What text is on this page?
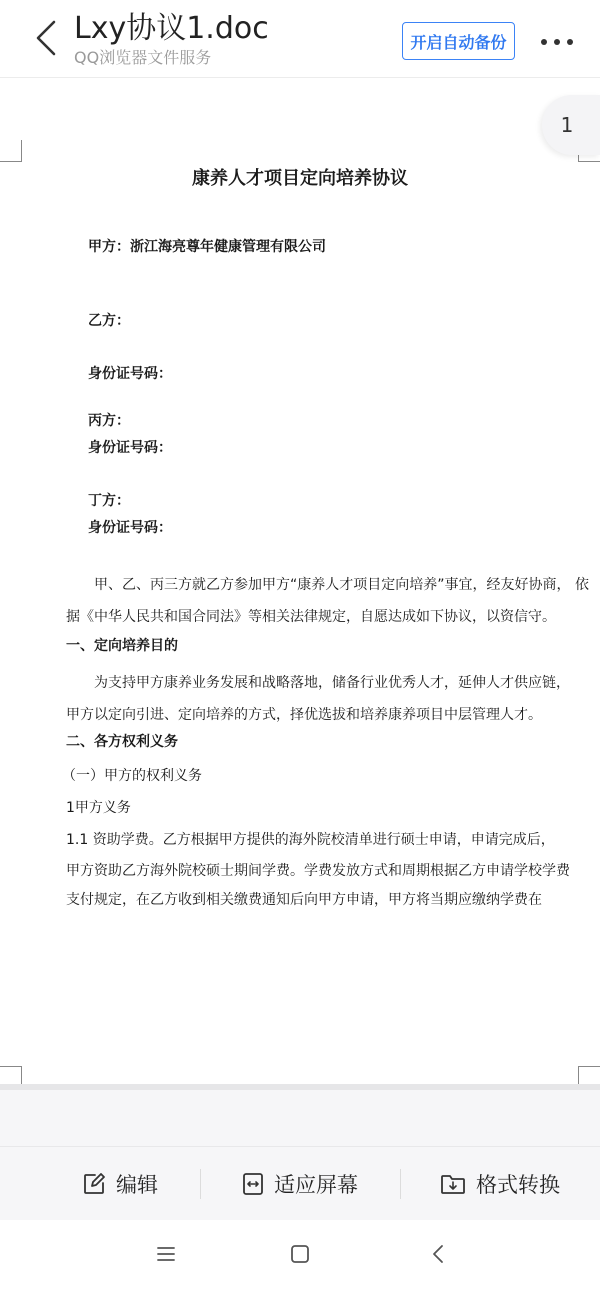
Lxy协议1.doc
QQ浏览器文件服务
开启自动备份
1
康养人才项目定向培养协议
甲方：浙江海亮尊年健康管理有限公司
乙方：
身份证号码：
丙方：
身份证号码：
丁方：
身份证号码：
甲、乙、丙三方就乙方参加甲方“康养人才项目定向培养”事宜，经友好协商， 依
据《中华人民共和国合同法》等相关法律规定，自愿达成如下协议，以资信守。
一、定向培养目的
为支持甲方康养业务发展和战略落地，储备行业优秀人才，延伸人才供应链，
甲方以定向引进、定向培养的方式，择优选拔和培养康养项目中层管理人才。
二、各方权利义务
（一）甲方的权利义务
1甲方义务
1.1 资助学费。乙方根据甲方提供的海外院校清单进行硕士申请，申请完成后，
甲方资助乙方海外院校硕士期间学费。学费发放方式和周期根据乙方申请学校学费
支付规定，在乙方收到相关缴费通知后向甲方申请，甲方将当期应缴纳学费在
编辑	适应屏幕	格式转换
